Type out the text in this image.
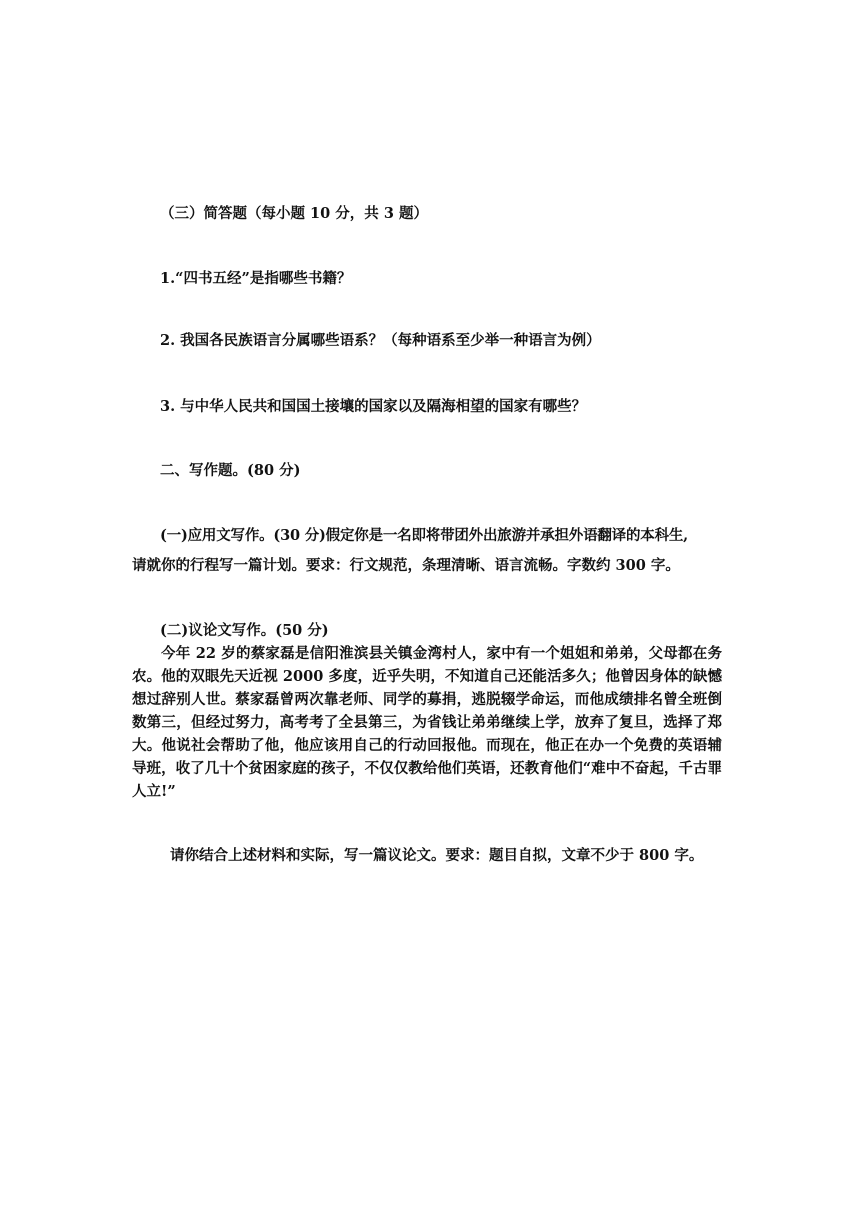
（三）简答题（每小题 10 分，共 3 题）
1.“四书五经”是指哪些书籍？
2. 我国各民族语言分属哪些语系？（每种语系至少举一种语言为例）
3. 与中华人民共和国国土接壤的国家以及隔海相望的国家有哪些？
二、写作题。(80 分)
(一)应用文写作。(30 分)假定你是一名即将带团外出旅游并承担外语翻译的本科生,
请就你的行程写一篇计划。要求：行文规范，条理清晰、语言流畅。字数约 300 字。
(二)议论文写作。(50 分)
今年 22 岁的蔡家磊是信阳淮滨县关镇金湾村人，家中有一个姐姐和弟弟，父母都在务农。他的双眼先天近视 2000 多度，近乎失明，不知道自己还能活多久；他曾因身体的缺憾想过辞别人世。蔡家磊曾两次靠老师、同学的募捐，逃脱辍学命运，而他成绩排名曾全班倒数第三，但经过努力，高考考了全县第三，为省钱让弟弟继续上学，放弃了复旦，选择了郑大。他说社会帮助了他，他应该用自己的行动回报他。而现在，他正在办一个免费的英语辅导班，收了几十个贫困家庭的孩子，不仅仅教给他们英语，还教育他们“难中不奋起，千古罪人立!”
请你结合上述材料和实际，写一篇议论文。要求：题目自拟，文章不少于 800 字。
